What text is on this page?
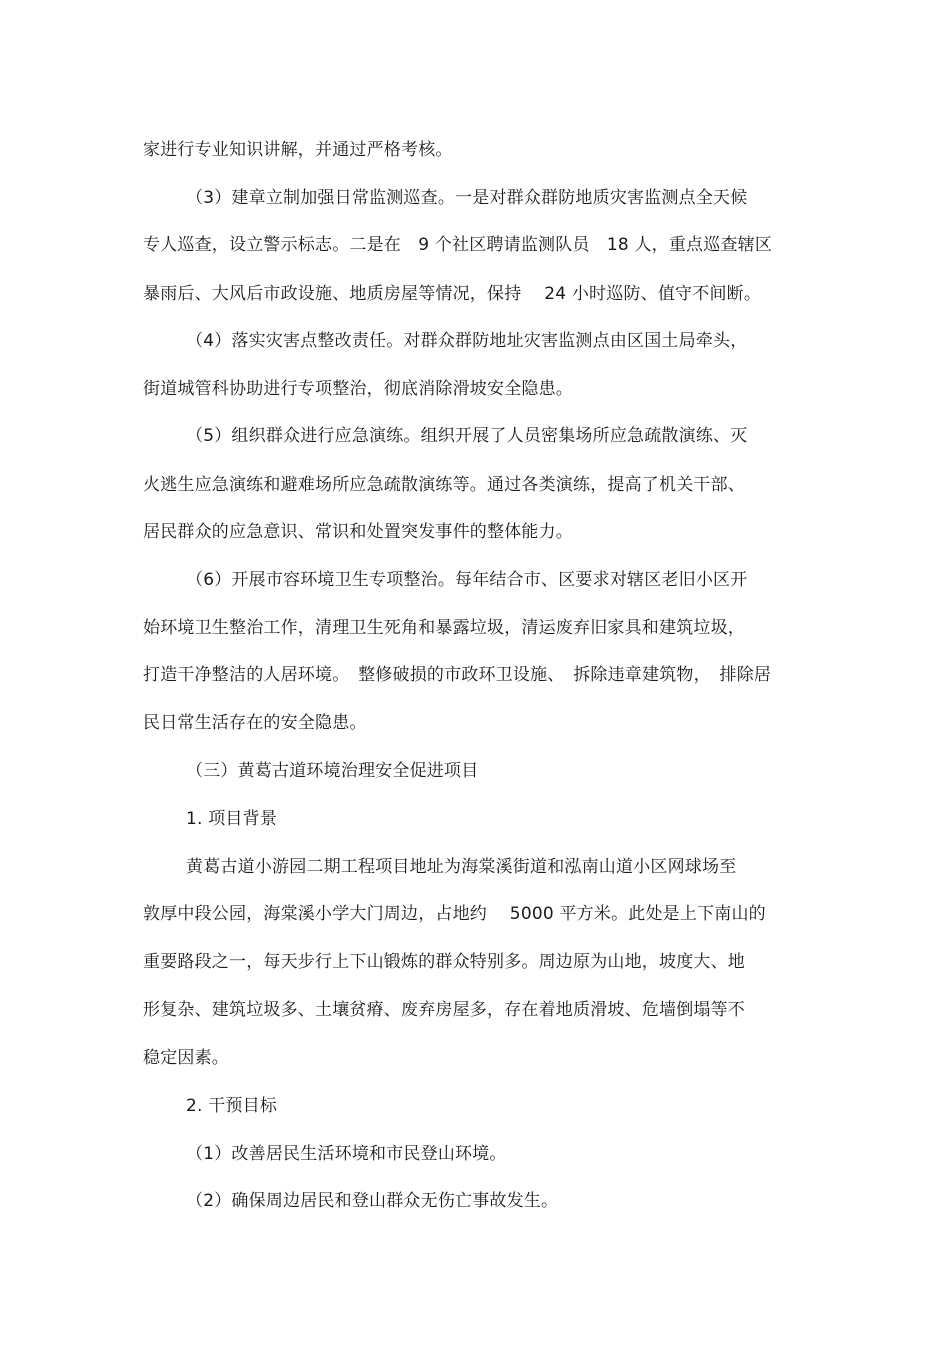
家进行专业知识讲解，并通过严格考核。
（3）建章立制加强日常监测巡查。一是对群众群防地质灾害监测点全天候
专人巡查，设立警示标志。二是在　9 个社区聘请监测队员　18 人，重点巡查辖区
暴雨后、大风后市政设施、地质房屋等情况，保持　 24 小时巡防、值守不间断。
（4）落实灾害点整改责任。对群众群防地址灾害监测点由区国土局牵头，
街道城管科协助进行专项整治，彻底消除滑坡安全隐患。
（5）组织群众进行应急演练。组织开展了人员密集场所应急疏散演练、灭
火逃生应急演练和避难场所应急疏散演练等。通过各类演练，提高了机关干部、
居民群众的应急意识、常识和处置突发事件的整体能力。
（6）开展市容环境卫生专项整治。每年结合市、区要求对辖区老旧小区开
始环境卫生整治工作，清理卫生死角和暴露垃圾，清运废弃旧家具和建筑垃圾，
打造干净整洁的人居环境。　整修破损的市政环卫设施、　拆除违章建筑物，　排除居
民日常生活存在的安全隐患。
（三）黄葛古道环境治理安全促进项目
1. 项目背景
黄葛古道小游园二期工程项目地址为海棠溪街道和泓南山道小区网球场至
敦厚中段公园，海棠溪小学大门周边，占地约　 5000 平方米。此处是上下南山的
重要路段之一，每天步行上下山锻炼的群众特别多。周边原为山地，坡度大、地
形复杂、建筑垃圾多、土壤贫瘠、废弃房屋多，存在着地质滑坡、危墙倒塌等不
稳定因素。
2. 干预目标
（1）改善居民生活环境和市民登山环境。
（2）确保周边居民和登山群众无伤亡事故发生。
